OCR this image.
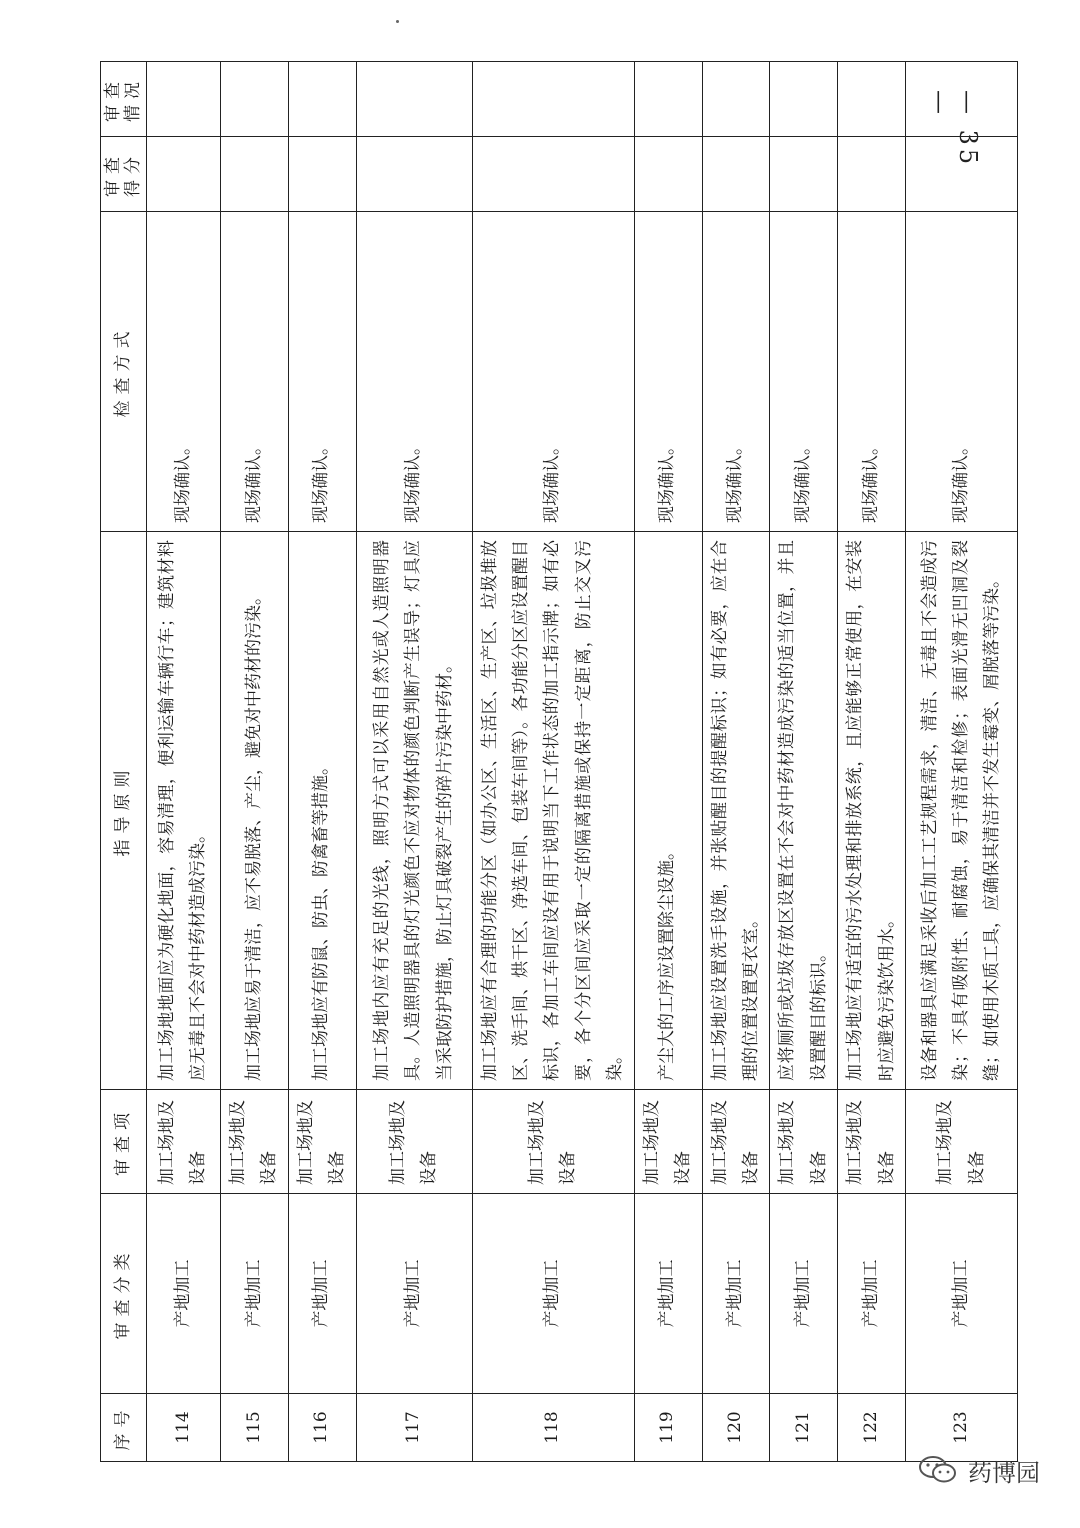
序号	审查分类	审查项	指导原则	检查方式	审查得分	审查情况
114	产地加工	加工场地及设备	加工场地地面应为硬化地面，容易清理，便利运输车辆行车；建筑材料应无毒且不会对中药材造成污染。	现场确认。		
115	产地加工	加工场地及设备	加工场地应易于清洁，应不易脱落、产尘，避免对中药材的污染。	现场确认。		
116	产地加工	加工场地及设备	加工场地应有防鼠、防虫、防禽畜等措施。	现场确认。		
117	产地加工	加工场地及设备	加工场地内应有充足的光线，照明方式可以采用自然光或人造照明器具。人造照明器具的灯光颜色不应对物体的颜色判断产生误导；灯具应当采取防护措施，防止灯具破裂产生的碎片污染中药材。	现场确认。		
118	产地加工	加工场地及设备	加工场地应有合理的功能分区（如办公区、生活区、生产区、垃圾堆放区、洗手间、烘干区、净选车间、包装车间等）。各功能分区应设置醒目标识，各加工车间应设有用于说明当下工作状态的加工指示牌；如有必要，各个分区间应采取一定的隔离措施或保持一定距离，防止交叉污染。	现场确认。		
119	产地加工	加工场地及设备	产尘大的工序应设置除尘设施。	现场确认。		
120	产地加工	加工场地及设备	加工场地应设置洗手设施，并张贴醒目的提醒标识；如有必要，应在合理的位置设置更衣室。	现场确认。		
121	产地加工	加工场地及设备	应将厕所或垃圾存放区设置在不会对中药材造成污染的适当位置，并且设置醒目的标识。	现场确认。		
122	产地加工	加工场地及设备	加工场地应有适宜的污水处理和排放系统，且应能够正常使用，在安装时应避免污染饮用水。	现场确认。		
123	产地加工	加工场地及设备	设备和器具应满足采收后加工工艺规程需求，清洁、无毒且不会造成污染；不具有吸附性、耐腐蚀，易于清洁和检修；表面光滑无凹洞及裂缝；如使用木质工具，应确保其清洁并不发生霉变、屑脱落等污染。	现场确认。		
— 35 —
药博园
